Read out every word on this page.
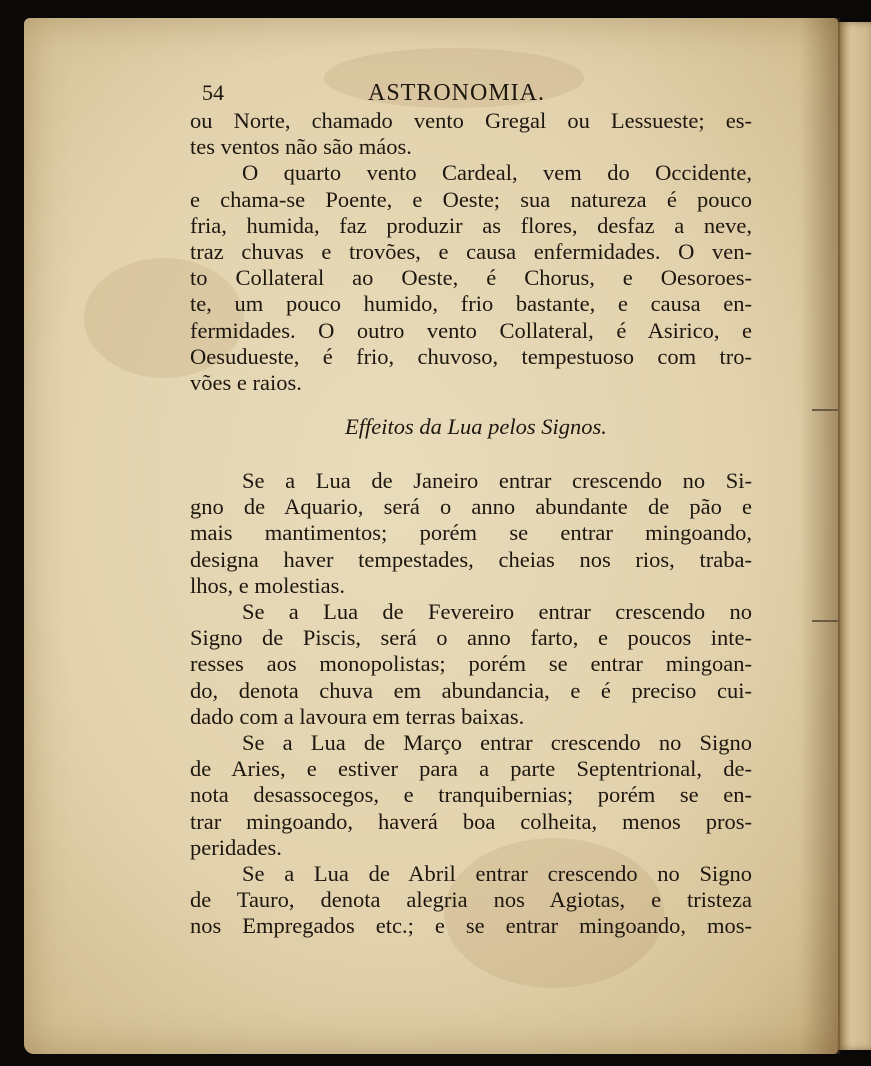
54	ASTRONOMIA.
ou Norte, chamado vento Gregal ou Lessueste; es-
tes ventos não são máos.
O quarto vento Cardeal, vem do Occidente,
e chama-se Poente, e Oeste; sua natureza é pouco
fria, humida, faz produzir as flores, desfaz a neve,
traz chuvas e trovões, e causa enfermidades. O ven-
to Collateral ao Oeste, é Chorus, e Oesoroes-
te, um pouco humido, frio bastante, e causa en-
fermidades. O outro vento Collateral, é Asirico, e
Oesudueste, é frio, chuvoso, tempestuoso com tro-
vões e raios.
Effeitos da Lua pelos Signos.
Se a Lua de Janeiro entrar crescendo no Si-
gno de Aquario, será o anno abundante de pão e
mais mantimentos; porém se entrar mingoando,
designa haver tempestades, cheias nos rios, traba-
lhos, e molestias.
Se a Lua de Fevereiro entrar crescendo no
Signo de Piscis, será o anno farto, e poucos inte-
resses aos monopolistas; porém se entrar mingoan-
do, denota chuva em abundancia, e é preciso cui-
dado com a lavoura em terras baixas.
Se a Lua de Março entrar crescendo no Signo
de Aries, e estiver para a parte Septentrional, de-
nota desassocegos, e tranquibernias; porém se en-
trar mingoando, haverá boa colheita, menos pros-
peridades.
Se a Lua de Abril entrar crescendo no Signo
de Tauro, denota alegria nos Agiotas, e tristeza
nos Empregados etc.; e se entrar mingoando, mos-
